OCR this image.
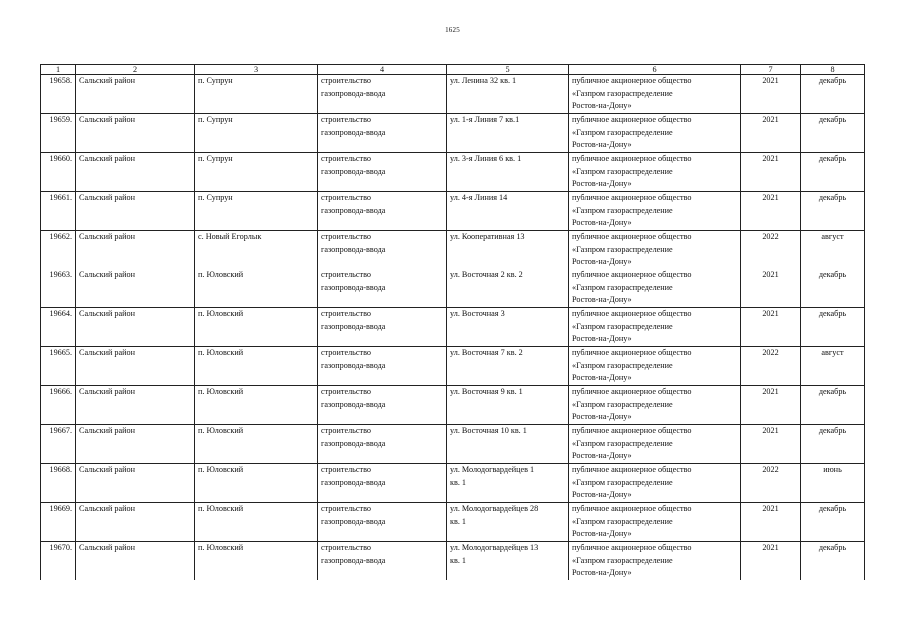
1625
1	2	3	4	5	6	7	8
19658.	Сальский район	п. Супрун	строительство
газопровода-ввода	ул. Ленина 32 кв. 1	публичное акционерное общество
«Газпром газораспределение
Ростов-на-Дону»	2021	декабрь
19659.	Сальский район	п. Супрун	строительство
газопровода-ввода	ул. 1-я Линия 7 кв.1	публичное акционерное общество
«Газпром газораспределение
Ростов-на-Дону»	2021	декабрь
19660.	Сальский район	п. Супрун	строительство
газопровода-ввода	ул. 3-я Линия 6 кв. 1	публичное акционерное общество
«Газпром газораспределение
Ростов-на-Дону»	2021	декабрь
19661.	Сальский район	п. Супрун	строительство
газопровода-ввода	ул. 4-я Линия 14	публичное акционерное общество
«Газпром газораспределение
Ростов-на-Дону»	2021	декабрь
19662.	Сальский район	с. Новый Егорлык	строительство
газопровода-ввода	ул. Кооперативная 13	публичное акционерное общество
«Газпром газораспределение
Ростов-на-Дону»	2022	август
19663.	Сальский район	п. Юловский	строительство
газопровода-ввода	ул. Восточная 2 кв. 2	публичное акционерное общество
«Газпром газораспределение
Ростов-на-Дону»	2021	декабрь
19664.	Сальский район	п. Юловский	строительство
газопровода-ввода	ул. Восточная 3	публичное акционерное общество
«Газпром газораспределение
Ростов-на-Дону»	2021	декабрь
19665.	Сальский район	п. Юловский	строительство
газопровода-ввода	ул. Восточная 7 кв. 2	публичное акционерное общество
«Газпром газораспределение
Ростов-на-Дону»	2022	август
19666.	Сальский район	п. Юловский	строительство
газопровода-ввода	ул. Восточная 9 кв. 1	публичное акционерное общество
«Газпром газораспределение
Ростов-на-Дону»	2021	декабрь
19667.	Сальский район	п. Юловский	строительство
газопровода-ввода	ул. Восточная 10 кв. 1	публичное акционерное общество
«Газпром газораспределение
Ростов-на-Дону»	2021	декабрь
19668.	Сальский район	п. Юловский	строительство
газопровода-ввода	ул. Молодогвардейцев 1
кв. 1	публичное акционерное общество
«Газпром газораспределение
Ростов-на-Дону»	2022	июнь
19669.	Сальский район	п. Юловский	строительство
газопровода-ввода	ул. Молодогвардейцев 28
кв. 1	публичное акционерное общество
«Газпром газораспределение
Ростов-на-Дону»	2021	декабрь
19670.	Сальский район	п. Юловский	строительство
газопровода-ввода	ул. Молодогвардейцев 13
кв. 1	публичное акционерное общество
«Газпром газораспределение
Ростов-на-Дону»	2021	декабрь
